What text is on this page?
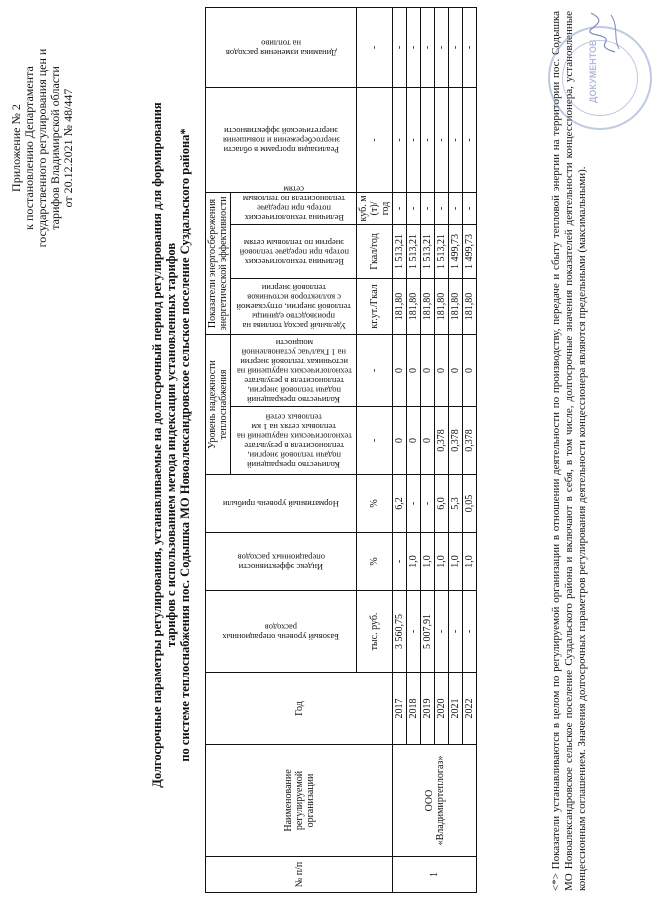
Приложение № 2 к постановлению Департамента государственного регулирования цен и тарифов Владимирской области от 20.12.2021 № 48/447	Долгосрочные параметры регулирования, устанавливаемые на долгосрочный период регулирования для формирования тарифов с использованием метода индексации установленных тарифов по системе теплоснабжения пос. Содышка МО Новоалександровское сельское поселение Суздальского района*
№ п/п	Наименование регулируемой организации	Год	Базовый уровень операционных расходов	Индекс эффективности операционных расходов	Нормативный уровень прибыли	Уровень надежности теплоснабжения		Показатели энергосбережения энергетической эффективности			Реализация программ в области энергосбережения и повышения энергетической эффективности	Динамика изменения расходов на топливо

						Количество прекращений подачи тепловой энергии, теплоносителя в результате технологических нарушений на тепловых сетях на 1 км тепловых сетей	Количество прекращений подачи тепловой энергии, теплоносителя в результате технологических нарушений на источниках тепловой энергии на 1 Гкал/час установленной мощности	Удельный расход топлива на производство единицы тепловой энергии, отпускаемой с коллекторов источников тепловой энергии	Величина технологических потерь при передаче тепловой энергии по тепловым сетям	Величина технологических потерь при передаче теплоносителя по тепловым сетям		

			тыс. руб.	%	%	-	-	кг.ут./Гкал	Гкал/год	куб. м (т)/год	-	-
1	ООО «Владимиртеплогаз»	2017	3 560,75	-	6,2	0	0	181,80	1 513,21	-	-	-
		2018	-	1,0	-	0	0	181,80	1 513,21	-	-	-
		2019	5 007,91	1,0	-	0	0	181,80	1 513,21	-	-	-
		2020	-	1,0	6,0	0,378	0	181,80	1 513,21	-	-	-
		2021	-	1,0	5,3	0,378	0	181,80	1 499,73	-	-	-
		2022	-	1,0	0,05	0,378	0	181,80	1 499,73	-	-	-	<*> Показатели устанавливаются в целом по регулируемой организации в отношении деятельности по производству, передаче и сбыту тепловой энергии на территории пос. Содышка МО Новоалександровское сельское поселение Суздальского района и включают в себя, в том числе, долгосрочные значения показателей деятельности концессионера, установленные концессионным соглашением. Значения долгосрочных параметров регулирования деятельности концессионера являются предельными (максимальными).
ДОКУМЕНТОВ
